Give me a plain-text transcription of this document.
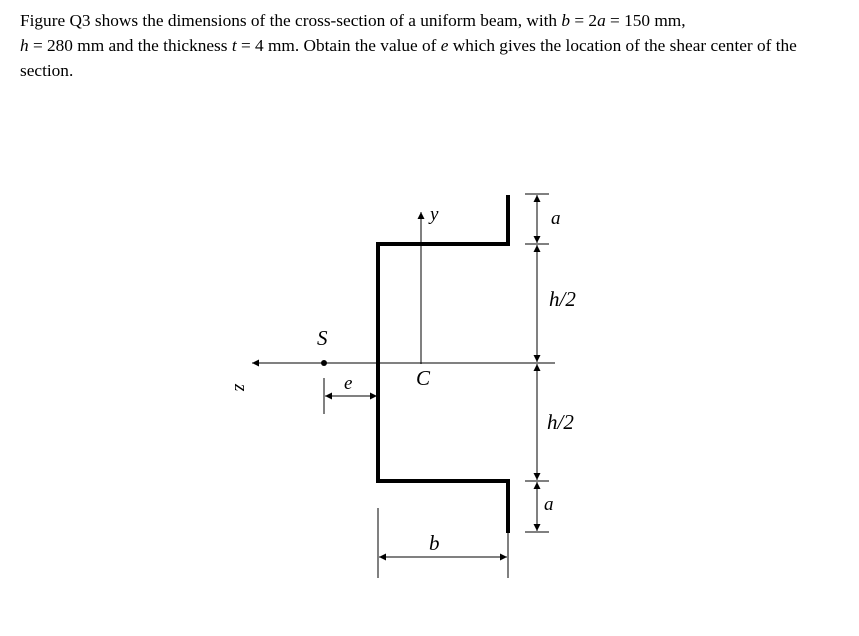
Figure Q3 shows the dimensions of the cross-section of a uniform beam, with b = 2a = 150 mm,
h = 280 mm and the thickness t = 4 mm. Obtain the value of e which gives the location of the shear center of the section.
y
z	C
S
e
a
h/2
h/2
a
b
